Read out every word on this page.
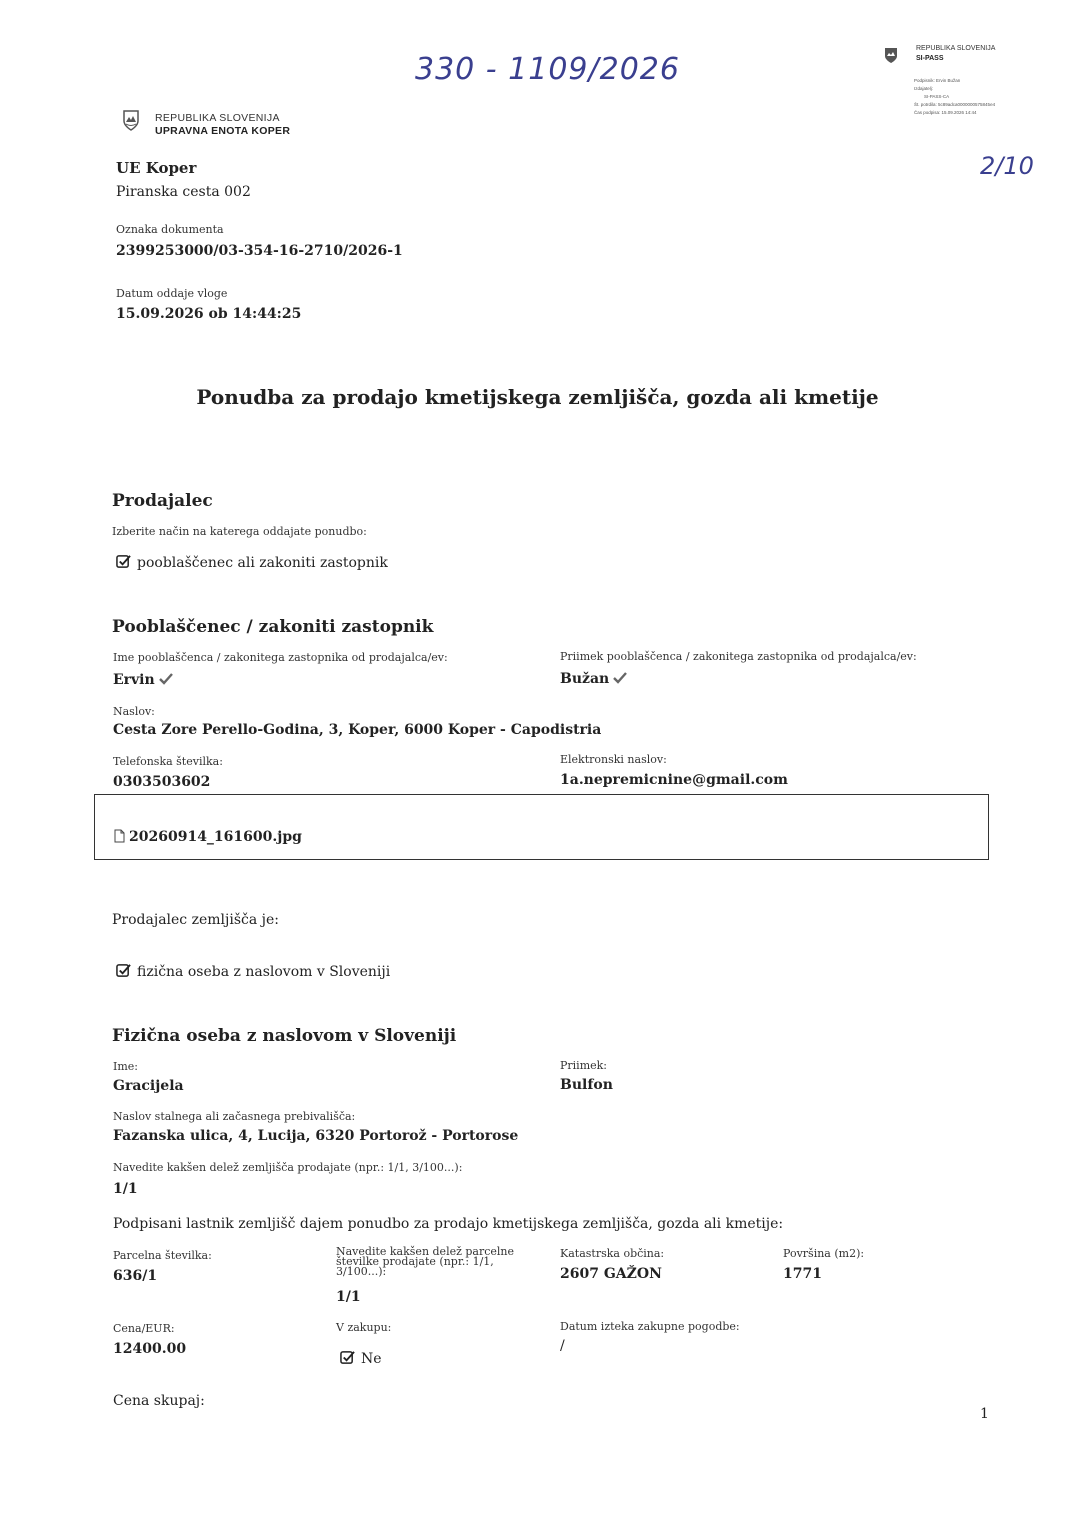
330 - 1109/2026
2/10
REPUBLIKA SLOVENIJA
SI-PASS
Podpisnik: Ervin Bužan
Izdajatelj:
SI-PASS-CA
Št. potrdila: 5c89adca0000000575845e4
Čas podpisa: 15.09.2026 14:44
REPUBLIKA SLOVENIJA
UPRAVNA ENOTA KOPER
UE Koper
Piranska cesta 002
Oznaka dokumenta
2399253000/03-354-16-2710/2026-1
Datum oddaje vloge
15.09.2026 ob 14:44:25
Ponudba za prodajo kmetijskega zemljišča, gozda ali kmetije
Prodajalec
Izberite način na katerega oddajate ponudbo:
pooblaščenec ali zakoniti zastopnik
Pooblaščenec / zakoniti zastopnik
Ime pooblaščenca / zakonitega zastopnika od prodajalca/ev:
Ervin
Priimek pooblaščenca / zakonitega zastopnika od prodajalca/ev:
Bužan
Naslov:
Cesta Zore Perello-Godina, 3, Koper, 6000 Koper - Capodistria
Telefonska številka:
0303503602
Elektronski naslov:
1a.nepremicnine@gmail.com
20260914_161600.jpg
Prodajalec zemljišča je:
fizična oseba z naslovom v Sloveniji
Fizična oseba z naslovom v Sloveniji
Ime:
Gracijela
Priimek:
Bulfon
Naslov stalnega ali začasnega prebivališča:
Fazanska ulica, 4, Lucija, 6320 Portorož - Portorose
Navedite kakšen delež zemljišča prodajate (npr.: 1/1, 3/100...):
1/1
Podpisani lastnik zemljišč dajem ponudbo za prodajo kmetijskega zemljišča, gozda ali kmetije:
Parcelna številka:
636/1
Navedite kakšen delež parcelne
številke prodajate (npr.: 1/1,
3/100...):
1/1
Katastrska občina:
2607 GAŽON
Površina (m2):
1771
Cena/EUR:
12400.00
V zakupu:
Ne
Datum izteka zakupne pogodbe:
/
Cena skupaj:
1
